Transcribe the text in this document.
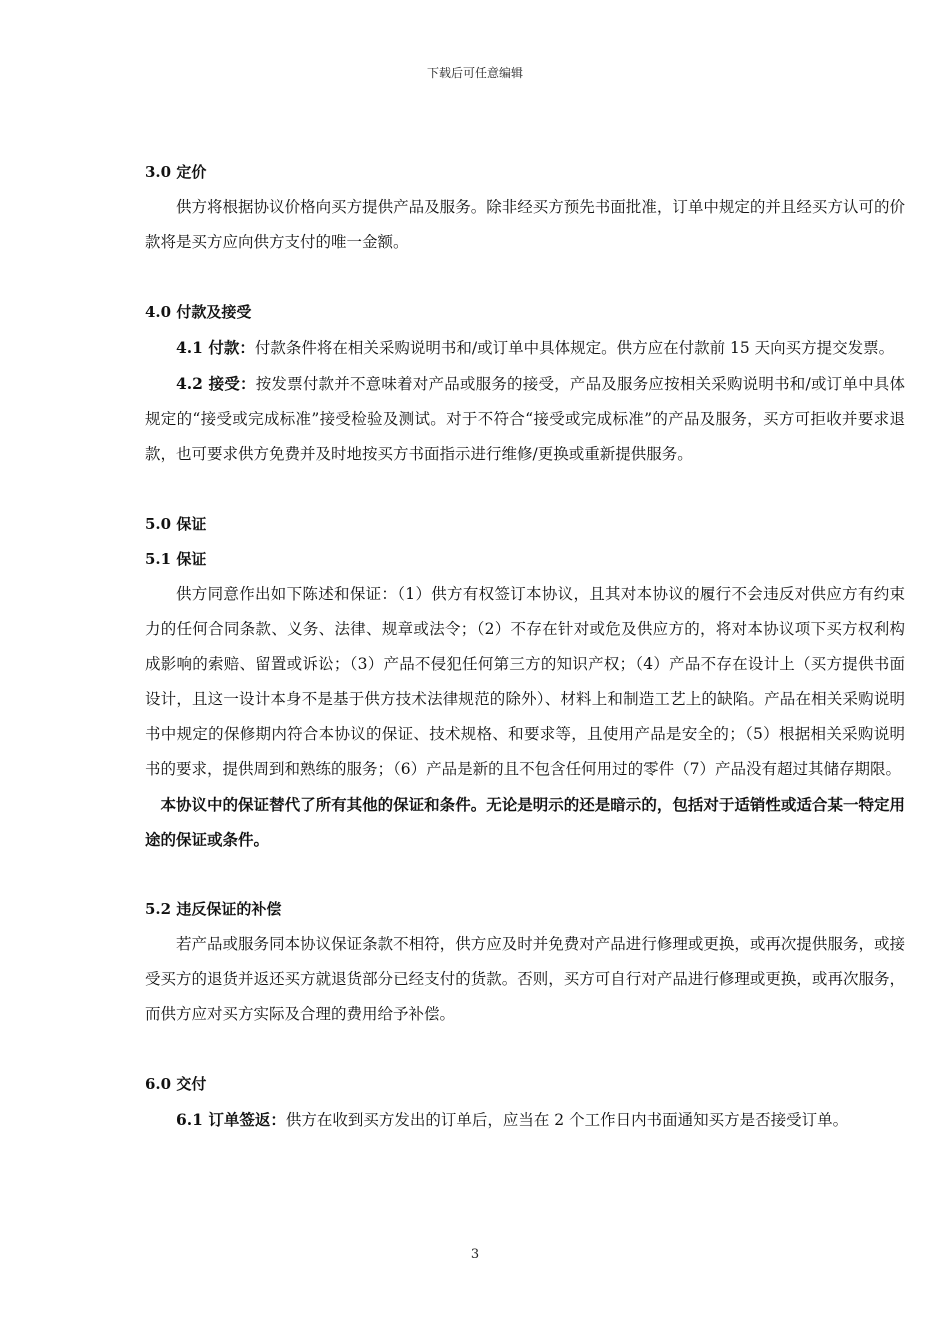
下载后可任意编辑

3.0 定价

供方将根据协议价格向买方提供产品及服务。除非经买方预先书面批准，订单中规定的并且经买方认可的价款将是买方应向供方支付的唯一金额。

4.0 付款及接受

4.1 付款：付款条件将在相关采购说明书和/或订单中具体规定。供方应在付款前 15 天向买方提交发票。

4.2 接受：按发票付款并不意味着对产品或服务的接受，产品及服务应按相关采购说明书和/或订单中具体规定的“接受或完成标准”接受检验及测试。对于不符合“接受或完成标准”的产品及服务，买方可拒收并要求退款，也可要求供方免费并及时地按买方书面指示进行维修/更换或重新提供服务。

5.0 保证

5.1 保证

供方同意作出如下陈述和保证：（1）供方有权签订本协议，且其对本协议的履行不会违反对供应方有约束力的任何合同条款、义务、法律、规章或法令；（2）不存在针对或危及供应方的，将对本协议项下买方权利构成影响的索赔、留置或诉讼；（3）产品不侵犯任何第三方的知识产权；（4）产品不存在设计上（买方提供书面设计，且这一设计本身不是基于供方技术法律规范的除外）、材料上和制造工艺上的缺陷。产品在相关采购说明书中规定的保修期内符合本协议的保证、技术规格、和要求等，且使用产品是安全的；（5）根据相关采购说明书的要求，提供周到和熟练的服务；（6）产品是新的且不包含任何用过的零件（7）产品没有超过其储存期限。

本协议中的保证替代了所有其他的保证和条件。无论是明示的还是暗示的，包括对于适销性或适合某一特定用途的保证或条件。

5.2 违反保证的补偿

若产品或服务同本协议保证条款不相符，供方应及时并免费对产品进行修理或更换，或再次提供服务，或接受买方的退货并返还买方就退货部分已经支付的货款。否则，买方可自行对产品进行修理或更换，或再次服务，而供方应对买方实际及合理的费用给予补偿。

6.0 交付

6.1 订单签返：供方在收到买方发出的订单后，应当在 2 个工作日内书面通知买方是否接受订单。

3
